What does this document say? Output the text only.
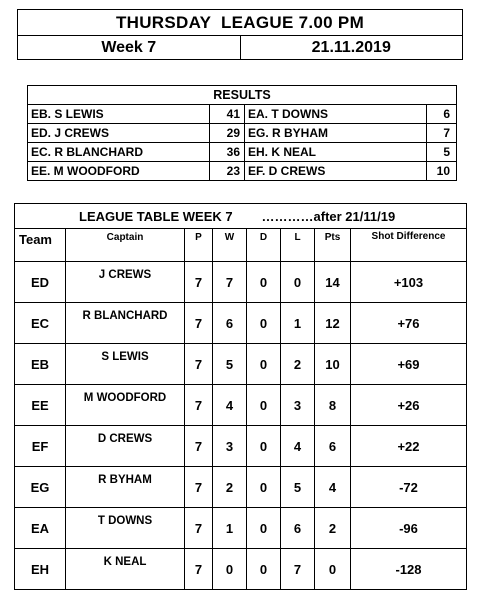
THURSDAY  LEAGUE 7.00 PM
Week 7	21.11.2019
RESULTS			
EB. S LEWIS	41	EA. T DOWNS	6
ED. J CREWS	29	EG. R BYHAM	7
EC. R BLANCHARD	36	EH. K NEAL	5
EE. M WOODFORD	23	EF. D CREWS	10
LEAGUE TABLE WEEK 7 …………after 21/11/19							
Team	Captain	P	W	D	L	Pts	Shot Difference
ED	J CREWS	7	7	0	0	14	+103
EC	R BLANCHARD	7	6	0	1	12	+76
EB	S LEWIS	7	5	0	2	10	+69
EE	M WOODFORD	7	4	0	3	8	+26
EF	D CREWS	7	3	0	4	6	+22
EG	R BYHAM	7	2	0	5	4	-72
EA	T DOWNS	7	1	0	6	2	-96
EH	K NEAL	7	0	0	7	0	-128
